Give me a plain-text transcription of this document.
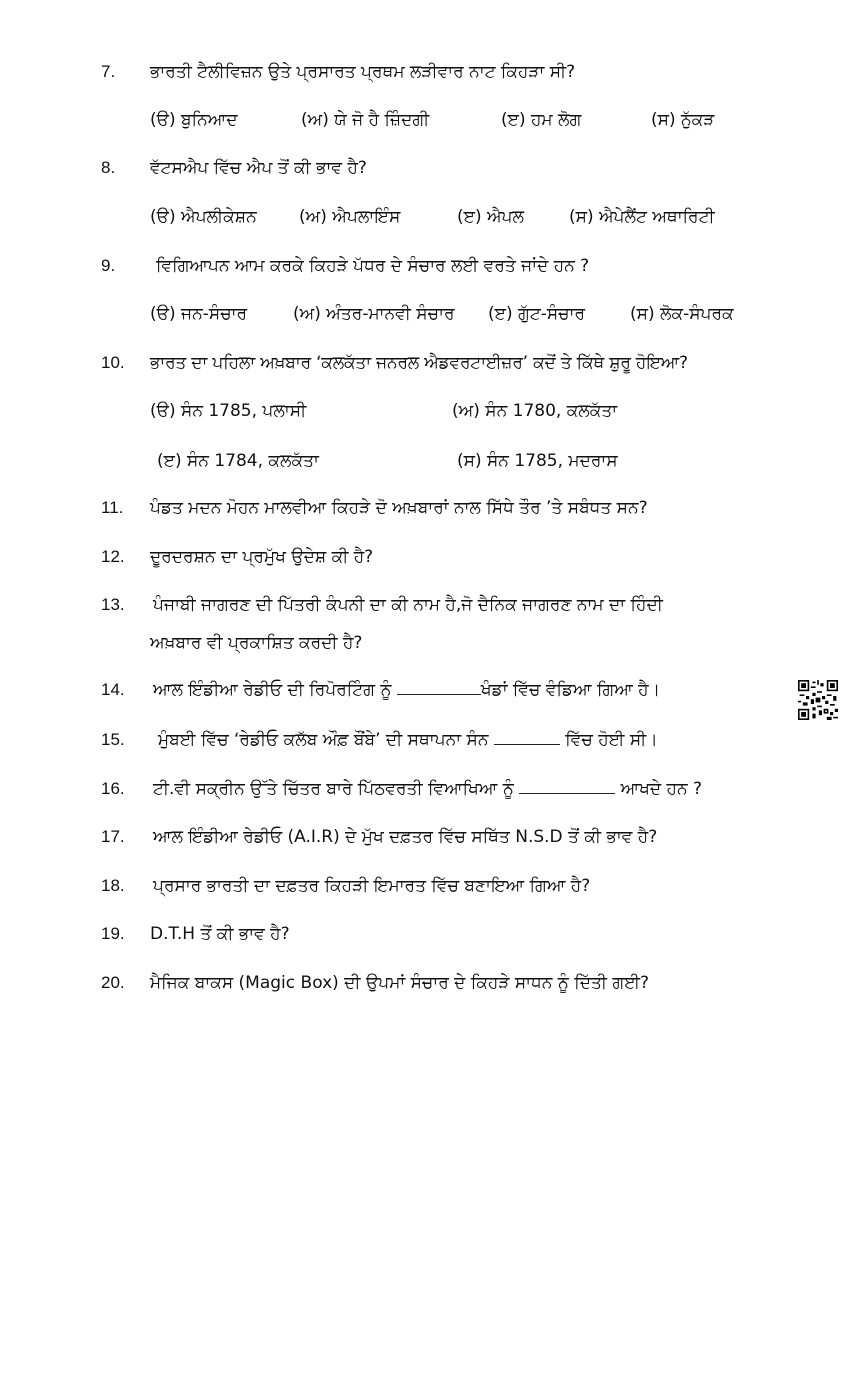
7.	ਭਾਰਤੀ ਟੈਲੀਵਿਜ਼ਨ ਉਤੇ ਪ੍ਰਸਾਰਤ ਪ੍ਰਥਮ ਲੜੀਵਾਰ ਨਾਟ ਕਿਹੜਾ ਸੀ?
(ੳ) ਬੁਨਿਆਦ	(ਅ) ਯੇ ਜੋ ਹੈ ਜ਼ਿੰਦਗੀ	(ੲ) ਹਮ ਲੋਗ	(ਸ) ਨੁੱਕੜ
8.	ਵੱਟਸਐਪ ਵਿੱਚ ਐਪ ਤੋਂ ਕੀ ਭਾਵ ਹੈ?
(ੳ) ਐਪਲੀਕੇਸ਼ਨ (ਅ) ਐਪਲਾਇੰਸ	(ੲ) ਐਪਲ	(ਸ) ਐਪੇਲੈਂਟ ਅਥਾਰਿਟੀ
9.	ਵਿਗਿਆਪਨ ਆਮ ਕਰਕੇ ਕਿਹੜੇ ਪੱਧਰ ਦੇ ਸੰਚਾਰ ਲਈ ਵਰਤੇ ਜਾਂਦੇ ਹਨ ?
(ੳ) ਜਨ-ਸੰਚਾਰ	(ਅ) ਅੰਤਰ-ਮਾਨਵੀ ਸੰਚਾਰ (ੲ) ਗੁੱਟ-ਸੰਚਾਰ	(ਸ) ਲੋਕ-ਸੰਪਰਕ
10.	ਭਾਰਤ ਦਾ ਪਹਿਲਾ ਅਖ਼ਬਾਰ ‘ਕਲਕੱਤਾ ਜਨਰਲ ਐਡਵਰਟਾਈਜ਼ਰ’ ਕਦੋਂ ਤੇ ਕਿੱਥੇ ਸ਼ੁਰੂ ਹੋਇਆ?
(ੳ) ਸੰਨ 1785, ਪਲਾਸੀ	(ਅ) ਸੰਨ 1780, ਕਲਕੱਤਾ
(ੲ) ਸੰਨ 1784, ਕਲਕੱਤਾ	(ਸ) ਸੰਨ 1785, ਮਦਰਾਸ
11.	ਪੰਡਤ ਮਦਨ ਮੋਹਨ ਮਾਲਵੀਆ ਕਿਹੜੇ ਦੋ ਅਖ਼ਬਾਰਾਂ ਨਾਲ ਸਿੱਧੇ ਤੌਰ ’ਤੇ ਸਬੰਧਤ ਸਨ?
12.	ਦੂਰਦਰਸ਼ਨ ਦਾ ਪ੍ਰਮੁੱਖ ਉਦੇਸ਼ ਕੀ ਹੈ?
13.	ਪੰਜਾਬੀ ਜਾਗਰਣ ਦੀ ਪਿੱਤਰੀ ਕੰਪਨੀ ਦਾ ਕੀ ਨਾਮ ਹੈ,ਜੋ ਦੈਨਿਕ ਜਾਗਰਣ ਨਾਮ ਦਾ ਹਿੰਦੀ
ਅਖ਼ਬਾਰ ਵੀ ਪ੍ਰਕਾਸ਼ਿਤ ਕਰਦੀ ਹੈ?
14.	ਆਲ ਇੰਡੀਆ ਰੇਡੀਓ ਦੀ ਰਿਪੋਰਟਿੰਗ ਨੂੰ	ਖੰਡਾਂ ਵਿੱਚ ਵੰਡਿਆ ਗਿਆ ਹੈ।
15.	ਮੁੰਬਈ ਵਿੱਚ ‘ਰੇਡੀਓ ਕਲੱਬ ਔਫ਼ ਬੌਂਬੇ’ ਦੀ ਸਥਾਪਨਾ ਸੰਨ	ਵਿੱਚ ਹੋਈ ਸੀ।
16.	ਟੀ.ਵੀ ਸਕ੍ਰੀਨ ਉੱਤੇ ਚਿੱਤਰ ਬਾਰੇ ਪਿੱਠਵਰਤੀ ਵਿਆਖਿਆ ਨੂੰ	ਆਖਦੇ ਹਨ ?
17.	ਆਲ ਇੰਡੀਆ ਰੇਡੀਓ (A.I.R) ਦੇ ਮੁੱਖ ਦਫ਼ਤਰ ਵਿੱਚ ਸਥਿੱਤ N.S.D ਤੋਂ ਕੀ ਭਾਵ ਹੈ?
18.	ਪ੍ਰਸਾਰ ਭਾਰਤੀ ਦਾ ਦਫ਼ਤਰ ਕਿਹੜੀ ਇਮਾਰਤ ਵਿੱਚ ਬਣਾਇਆ ਗਿਆ ਹੈ?
19.	D.T.H ਤੋਂ ਕੀ ਭਾਵ ਹੈ?
20.	ਮੈਜਿਕ ਬਾਕਸ (Magic Box) ਦੀ ਉਪਮਾਂ ਸੰਚਾਰ ਦੇ ਕਿਹੜੇ ਸਾਧਨ ਨੂੰ ਦਿੱਤੀ ਗਈ?
